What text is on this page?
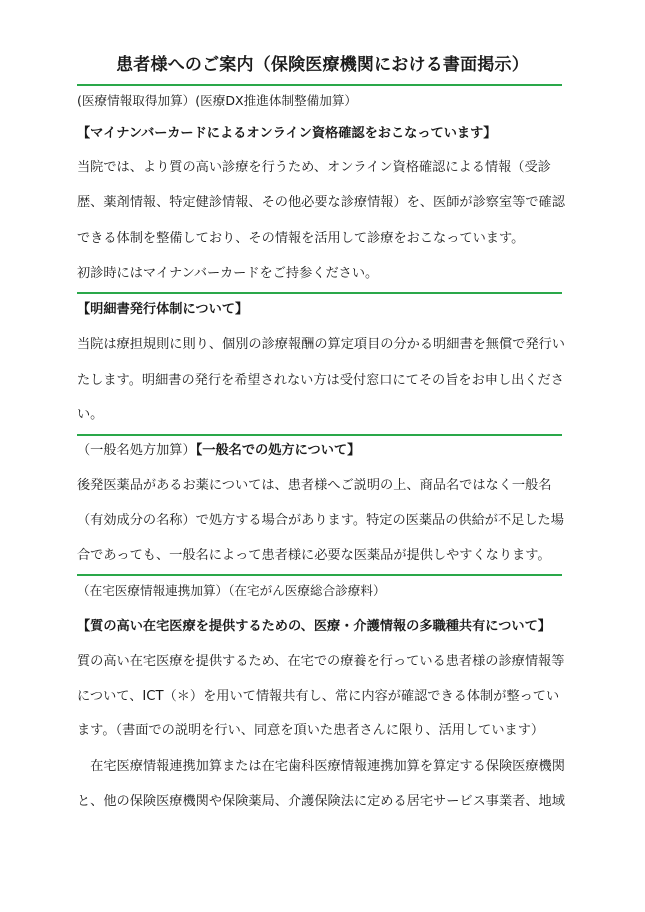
患者様へのご案内（保険医療機関における書面掲示）
(医療情報取得加算）(医療DX推進体制整備加算）
【マイナンバーカードによるオンライン資格確認をおこなっています】
当院では、より質の高い診療を行うため、オンライン資格確認による情報（受診
歴、薬剤情報、特定健診情報、その他必要な診療情報）を、医師が診察室等で確認
できる体制を整備しており、その情報を活用して診療をおこなっています。
初診時にはマイナンバーカードをご持参ください。
【明細書発行体制について】
当院は療担規則に則り、個別の診療報酬の算定項目の分かる明細書を無償で発行い
たします。明細書の発行を希望されない方は受付窓口にてその旨をお申し出くださ
い。
（一般名処方加算）【一般名での処方について】
後発医薬品があるお薬については、患者様へご説明の上、商品名ではなく一般名
（有効成分の名称）で処方する場合があります。特定の医薬品の供給が不足した場
合であっても、一般名によって患者様に必要な医薬品が提供しやすくなります。
（在宅医療情報連携加算）（在宅がん医療総合診療料）
【質の高い在宅医療を提供するための、医療・介護情報の多職種共有について】
質の高い在宅医療を提供するため、在宅での療養を行っている患者様の診療情報等
について、ICT（＊）を用いて情報共有し、常に内容が確認できる体制が整ってい
ます。（書面での説明を行い、同意を頂いた患者さんに限り、活用しています）
　在宅医療情報連携加算または在宅歯科医療情報連携加算を算定する保険医療機関
と、他の保険医療機関や保険薬局、介護保険法に定める居宅サービス事業者、地域
